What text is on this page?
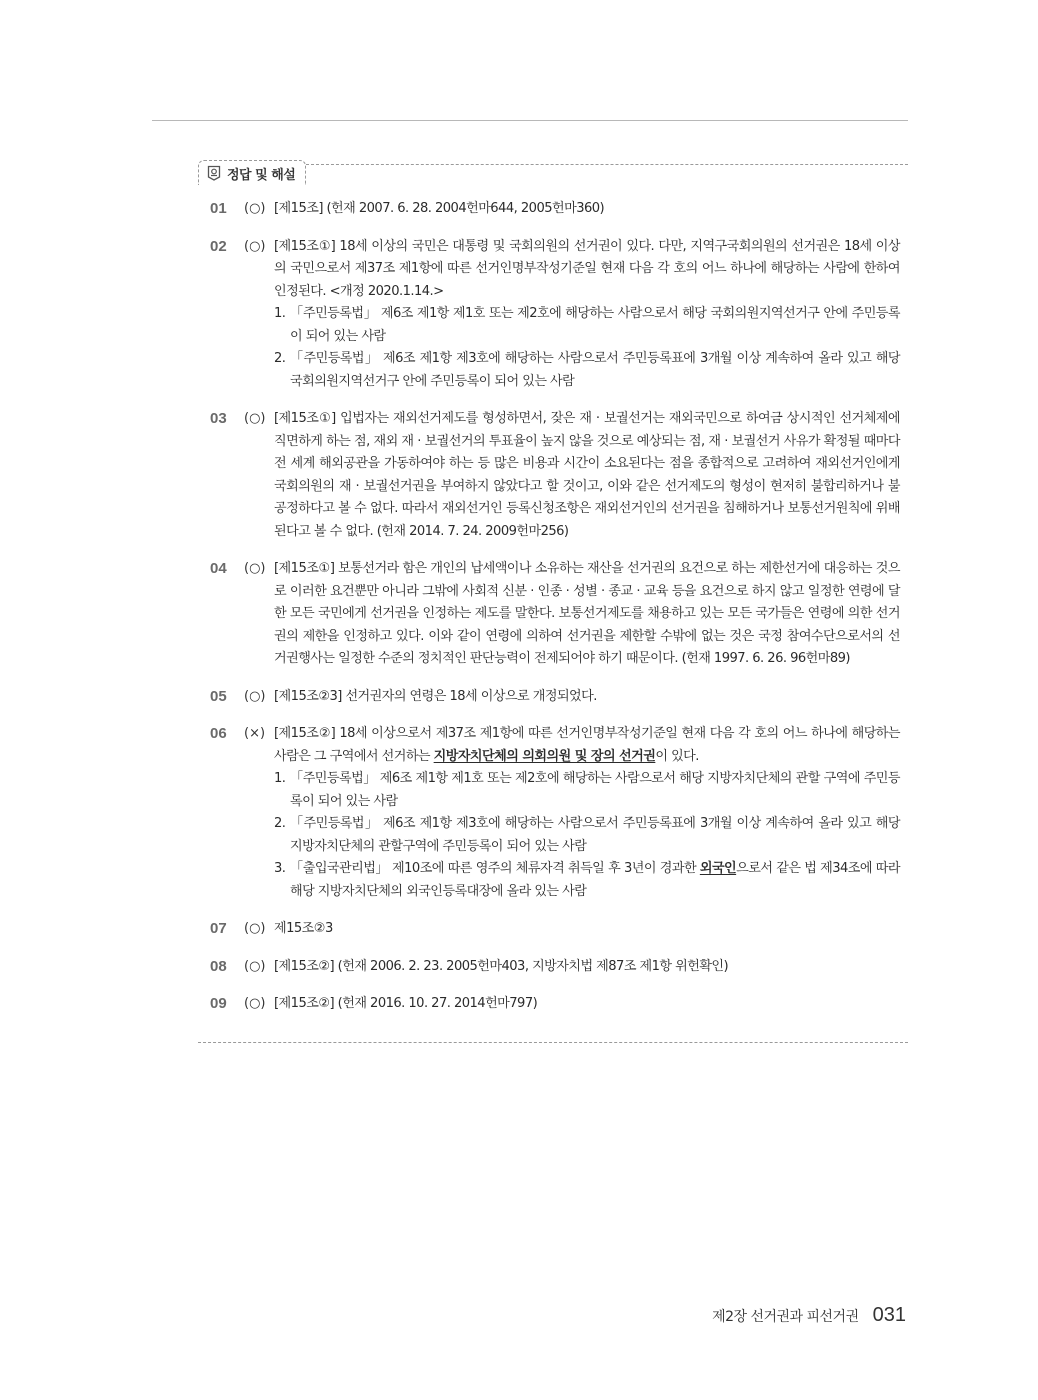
정답 및 해설
01	(○) [제15조] (헌재 2007. 6. 28. 2004헌마644, 2005헌마360)
02	(○) [제15조①] 18세 이상의 국민은 대통령 및 국회의원의 선거권이 있다. 다만, 지역구국회의원의 선거권은 18세 이상의 국민으로서 제37조 제1항에 따른 선거인명부작성기준일 현재 다음 각 호의 어느 하나에 해당하는 사람에 한하여 인정된다. <개정 2020.1.14.>
1. 「주민등록법」 제6조 제1항 제1호 또는 제2호에 해당하는 사람으로서 해당 국회의원지역선거구 안에 주민등록이 되어 있는 사람
2. 「주민등록법」 제6조 제1항 제3호에 해당하는 사람으로서 주민등록표에 3개월 이상 계속하여 올라 있고 해당 국회의원지역선거구 안에 주민등록이 되어 있는 사람
03	(○) [제15조①] 입법자는 재외선거제도를 형성하면서, 잦은 재 · 보궐선거는 재외국민으로 하여금 상시적인 선거체제에 직면하게 하는 점, 재외 재 · 보궐선거의 투표율이 높지 않을 것으로 예상되는 점, 재 · 보궐선거 사유가 확정될 때마다 전 세계 해외공관을 가동하여야 하는 등 많은 비용과 시간이 소요된다는 점을 종합적으로 고려하여 재외선거인에게 국회의원의 재 · 보궐선거권을 부여하지 않았다고 할 것이고, 이와 같은 선거제도의 형성이 현저히 불합리하거나 불공정하다고 볼 수 없다. 따라서 재외선거인 등록신청조항은 재외선거인의 선거권을 침해하거나 보통선거원칙에 위배된다고 볼 수 없다. (헌재 2014. 7. 24. 2009헌마256)
04	(○) [제15조①] 보통선거라 함은 개인의 납세액이나 소유하는 재산을 선거권의 요건으로 하는 제한선거에 대응하는 것으로 이러한 요건뿐만 아니라 그밖에 사회적 신분 · 인종 · 성별 · 종교 · 교육 등을 요건으로 하지 않고 일정한 연령에 달한 모든 국민에게 선거권을 인정하는 제도를 말한다. 보통선거제도를 채용하고 있는 모든 국가들은 연령에 의한 선거권의 제한을 인정하고 있다. 이와 같이 연령에 의하여 선거권을 제한할 수밖에 없는 것은 국정 참여수단으로서의 선거권행사는 일정한 수준의 정치적인 판단능력이 전제되어야 하기 때문이다. (헌재 1997. 6. 26. 96헌마89)
05	(○) [제15조②3] 선거권자의 연령은 18세 이상으로 개정되었다.
06	(×) [제15조②] 18세 이상으로서 제37조 제1항에 따른 선거인명부작성기준일 현재 다음 각 호의 어느 하나에 해당하는 사람은 그 구역에서 선거하는 지방자치단체의 의회의원 및 장의 선거권이 있다.
1. 「주민등록법」 제6조 제1항 제1호 또는 제2호에 해당하는 사람으로서 해당 지방자치단체의 관할 구역에 주민등록이 되어 있는 사람
2. 「주민등록법」 제6조 제1항 제3호에 해당하는 사람으로서 주민등록표에 3개월 이상 계속하여 올라 있고 해당 지방자치단체의 관할구역에 주민등록이 되어 있는 사람
3. 「출입국관리법」 제10조에 따른 영주의 체류자격 취득일 후 3년이 경과한 외국인으로서 같은 법 제34조에 따라 해당 지방자치단체의 외국인등록대장에 올라 있는 사람
07	(○) 제15조②3
08	(○) [제15조②] (헌재 2006. 2. 23. 2005헌마403, 지방자치법 제87조 제1항 위헌확인)
09	(○) [제15조②] (헌재 2016. 10. 27. 2014헌마797)
제2장 선거권과 피선거권 031
